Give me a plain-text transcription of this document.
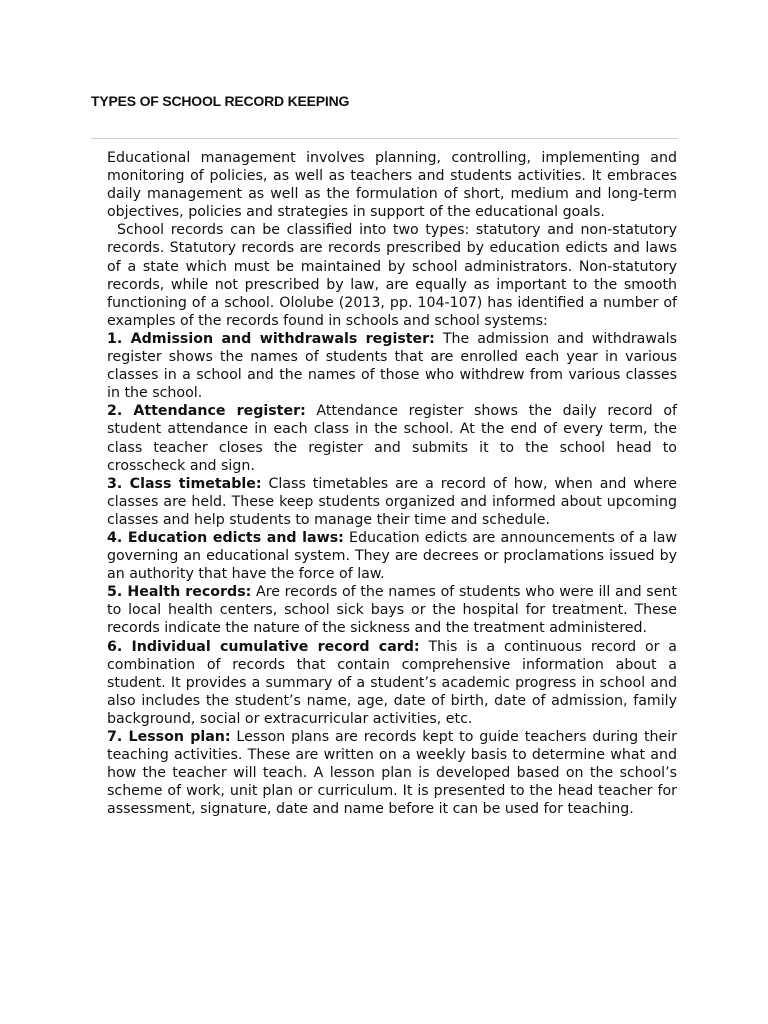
TYPES OF SCHOOL RECORD KEEPING

Educational management involves planning, controlling, implementing and monitoring of policies, as well as teachers and students activities. It embraces daily management as well as the formulation of short, medium and long-term objectives, policies and strategies in support of the educational goals.

School records can be classified into two types: statutory and non-statutory records. Statutory records are records prescribed by education edicts and laws of a state which must be maintained by school administrators. Non-statutory records, while not prescribed by law, are equally as important to the smooth functioning of a school. Ololube (2013, pp. 104-107) has identified a number of examples of the records found in schools and school systems:

1. Admission and withdrawals register: The admission and withdrawals register shows the names of students that are enrolled each year in various classes in a school and the names of those who withdrew from various classes in the school.

2. Attendance register: Attendance register shows the daily record of student attendance in each class in the school. At the end of every term, the class teacher closes the register and submits it to the school head to crosscheck and sign.

3. Class timetable: Class timetables are a record of how, when and where classes are held. These keep students organized and informed about upcoming classes and help students to manage their time and schedule.

4. Education edicts and laws: Education edicts are announcements of a law governing an educational system. They are decrees or proclamations issued by an authority that have the force of law.

5. Health records: Are records of the names of students who were ill and sent to local health centers, school sick bays or the hospital for treatment. These records indicate the nature of the sickness and the treatment administered.

6. Individual cumulative record card: This is a continuous record or a combination of records that contain comprehensive information about a student. It provides a summary of a student’s academic progress in school and also includes the student’s name, age, date of birth, date of admission, family background, social or extracurricular activities, etc.

7. Lesson plan: Lesson plans are records kept to guide teachers during their teaching activities. These are written on a weekly basis to determine what and how the teacher will teach. A lesson plan is developed based on the school’s scheme of work, unit plan or curriculum. It is presented to the head teacher for assessment, signature, date and name before it can be used for teaching.
